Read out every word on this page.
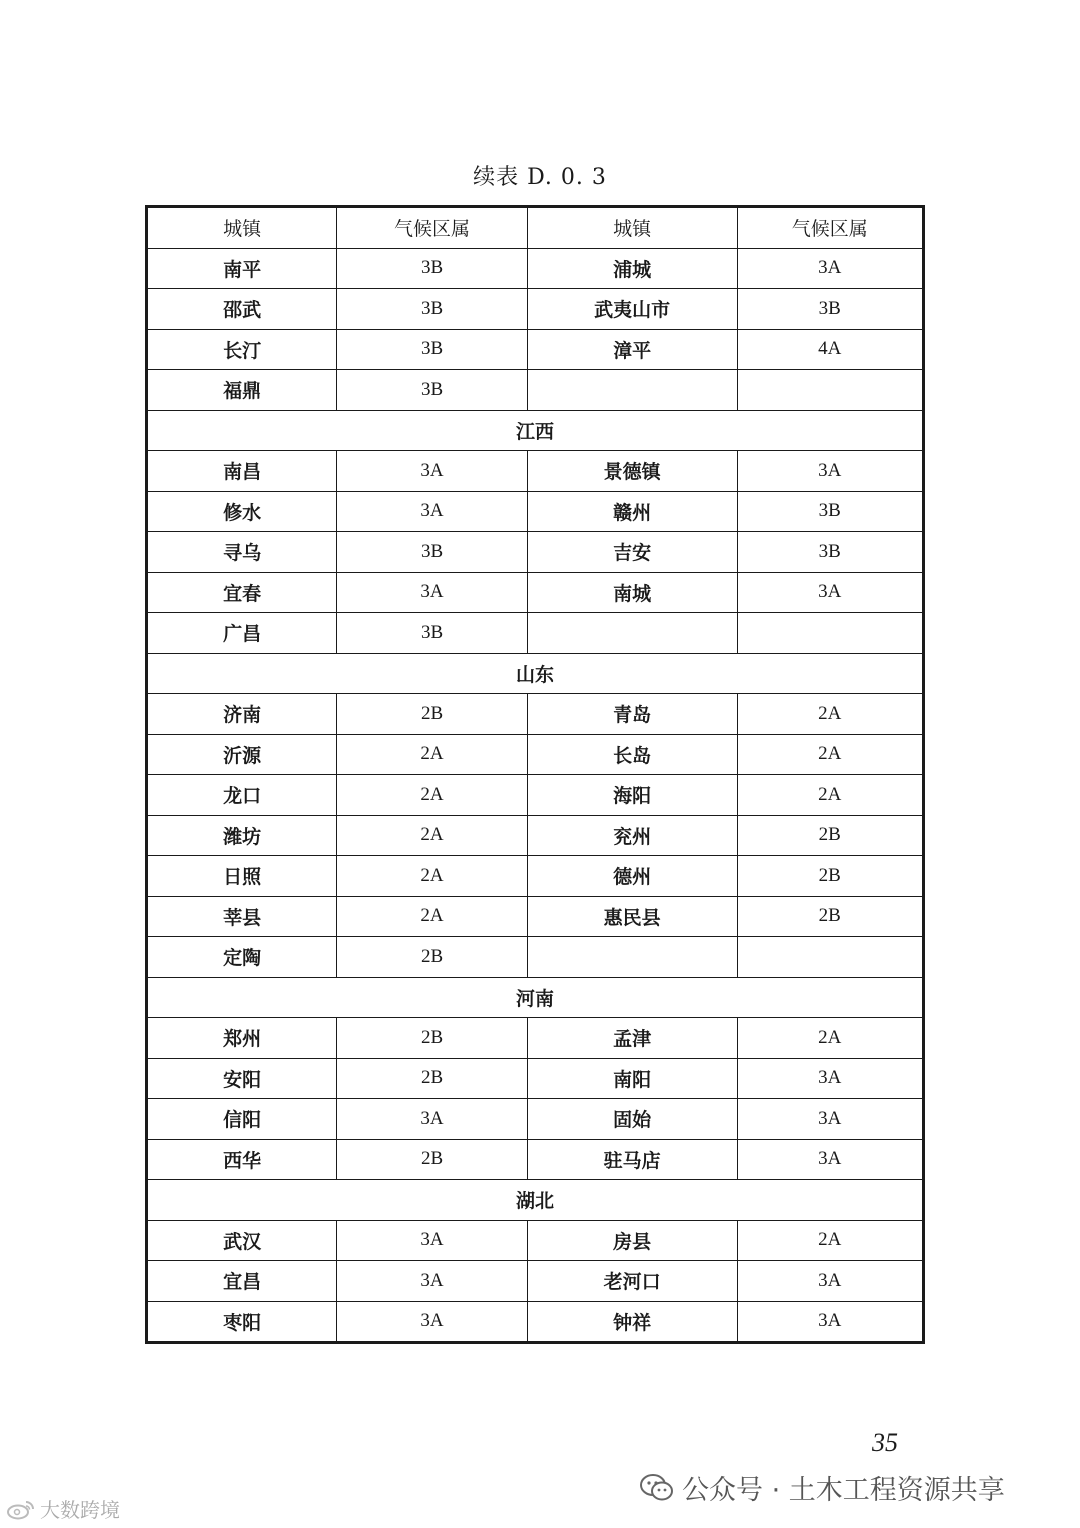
续表 D. 0. 3
城镇	气候区属	城镇	气候区属
南平	3B	浦城	3A
邵武	3B	武夷山市	3B
长汀	3B	漳平	4A
福鼎	3B		
江西			
南昌	3A	景德镇	3A
修水	3A	赣州	3B
寻乌	3B	吉安	3B
宜春	3A	南城	3A
广昌	3B		
山东			
济南	2B	青岛	2A
沂源	2A	长岛	2A
龙口	2A	海阳	2A
潍坊	2A	兖州	2B
日照	2A	德州	2B
莘县	2A	惠民县	2B
定陶	2B		
河南			
郑州	2B	孟津	2A
安阳	2B	南阳	3A
信阳	3A	固始	3A
西华	2B	驻马店	3A
湖北			
武汉	3A	房县	2A
宜昌	3A	老河口	3A
枣阳	3A	钟祥	3A
35
公众号 · 土木工程资源共享
大数跨境
